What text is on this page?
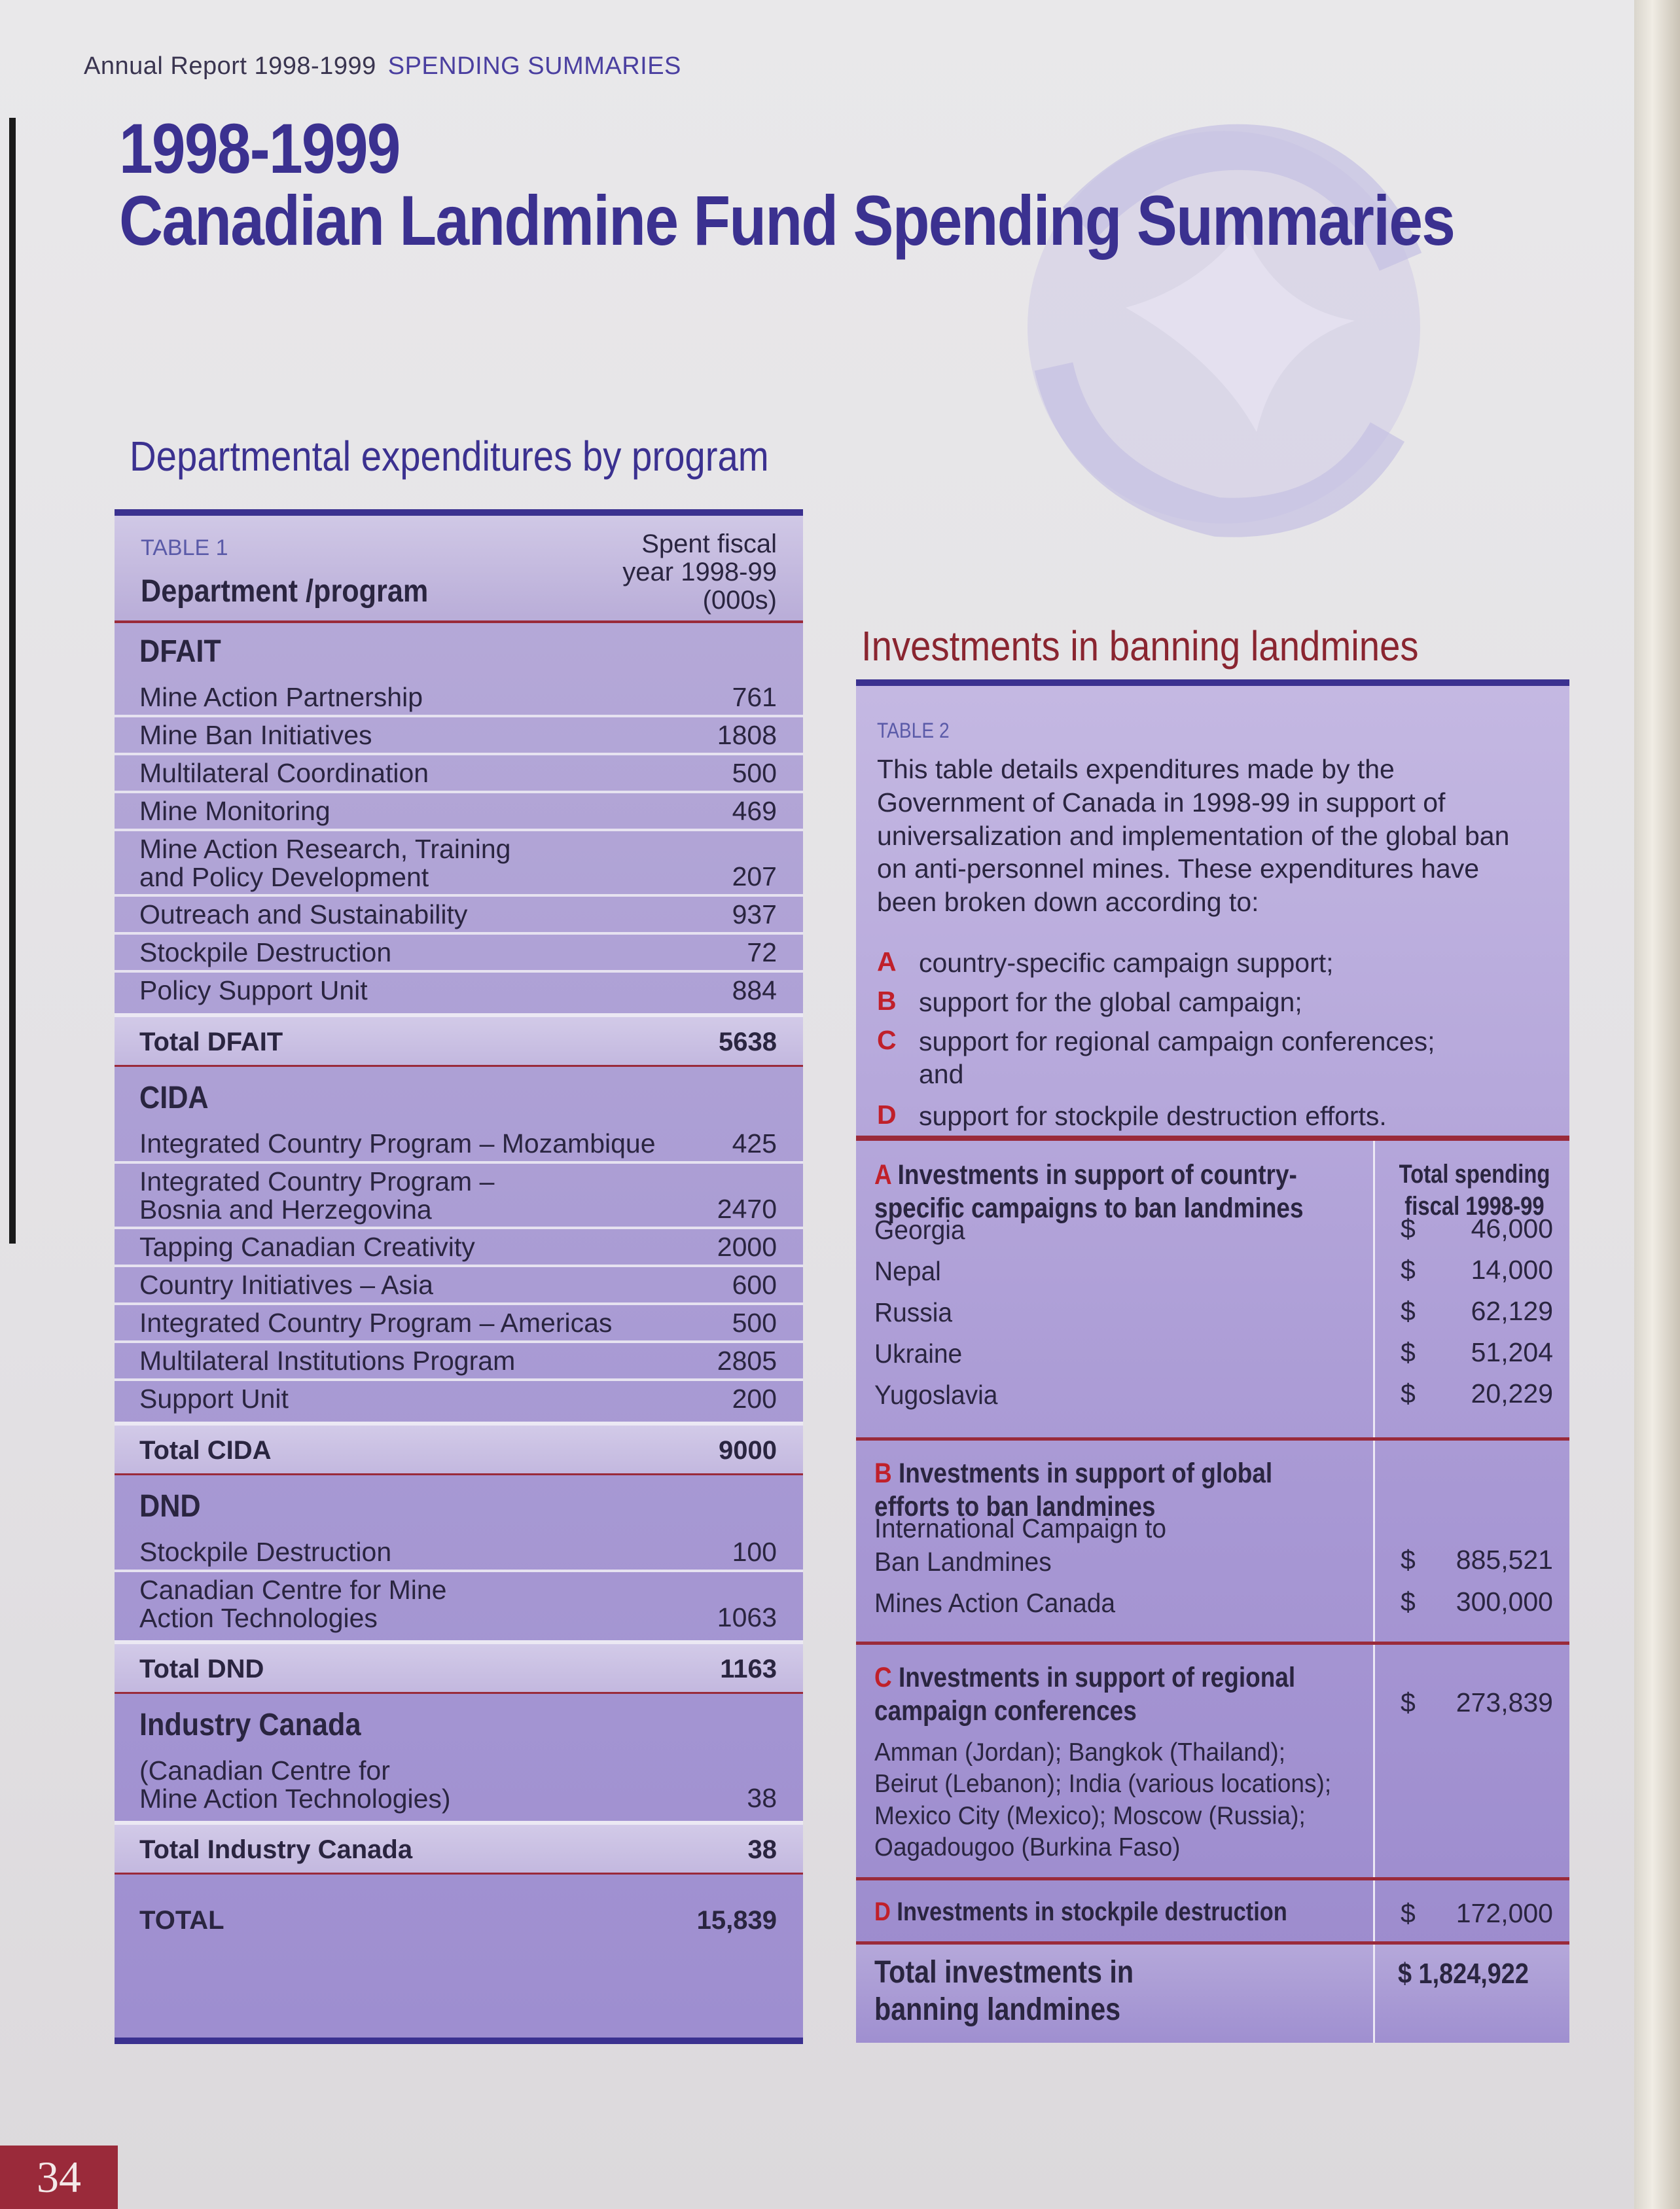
Annual Report 1998-1999 SPENDING SUMMARIES
1998-1999
Canadian Landmine Fund Spending Summaries
Departmental expenditures by program
Investments in banning landmines
TABLE 1
Department /program
Spent fiscal
year 1998-99
(000s)
DFAIT
Mine Action Partnership	761
Mine Ban Initiatives	1808
Multilateral Coordination	500
Mine Monitoring	469
Mine Action Research, Training
and Policy Development	207
Outreach and Sustainability	937
Stockpile Destruction	72
Policy Support Unit	884
Total DFAIT	5638
CIDA
Integrated Country Program – Mozambique	425
Integrated Country Program –
Bosnia and Herzegovina	2470
Tapping Canadian Creativity	2000
Country Initiatives – Asia	600
Integrated Country Program – Americas	500
Multilateral Institutions Program	2805
Support Unit	200
Total CIDA	9000
DND
Stockpile Destruction	100
Canadian Centre for Mine
Action Technologies	1063
Total DND	1163
Industry Canada
(Canadian Centre for
Mine Action Technologies)	38
Total Industry Canada	38
TOTAL	15,839
TABLE 2
This table details expenditures made by the Government of Canada in 1998-99 in support of universalization and implementation of the global ban on anti-personnel mines. These expenditures have been broken down according to:
Total spending
fiscal 1998-99
A country-specific campaign support;
B support for the global campaign;
C support for regional campaign conferences;
and
D support for stockpile destruction efforts.
A Investments in support of country-
specific campaigns to ban landmines
Georgia	$ 46,000
Nepal	$ 14,000
Russia	$ 62,129
Ukraine	$ 51,204
Yugoslavia	$ 20,229
B Investments in support of global
efforts to ban landmines
International Campaign to
Ban Landmines	$ 885,521
Mines Action Canada	$ 300,000
C Investments in support of regional
campaign conferences	$ 273,839
Amman (Jordan); Bangkok (Thailand); Beirut (Lebanon); India (various locations); Mexico City (Mexico); Moscow (Russia); Oagadougoo (Burkina Faso)
D Investments in stockpile destruction	$ 172,000
Total investments in
banning landmines
$ 1,824,922
34
